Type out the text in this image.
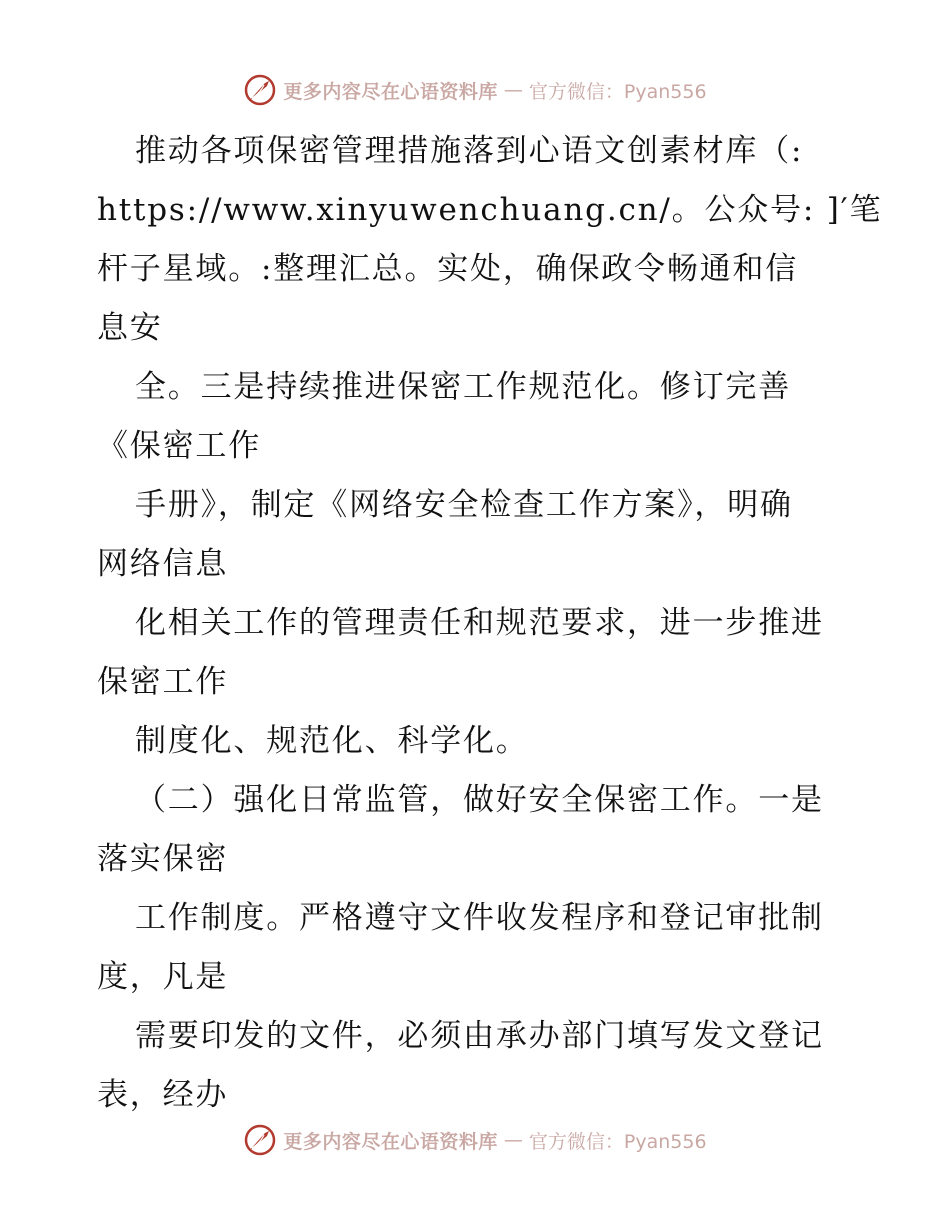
更多内容尽在心语资料库 — 官方微信：Pyan556
推动各项保密管理措施落到心语文创素材库（:
https://www.xinyuwenchuang.cn/。公众号: ]′笔
杆子星域。:整理汇总。实处，确保政令畅通和信
息安
全。三是持续推进保密工作规范化。修订完善
《保密工作
手册》，制定《网络安全检查工作方案》，明确
网络信息
化相关工作的管理责任和规范要求，进一步推进
保密工作
制度化、规范化、科学化。
（二）强化日常监管，做好安全保密工作。一是
落实保密
工作制度。严格遵守文件收发程序和登记审批制
度，凡是
需要印发的文件，必须由承办部门填写发文登记
表，经办
更多内容尽在心语资料库 — 官方微信：Pyan556
